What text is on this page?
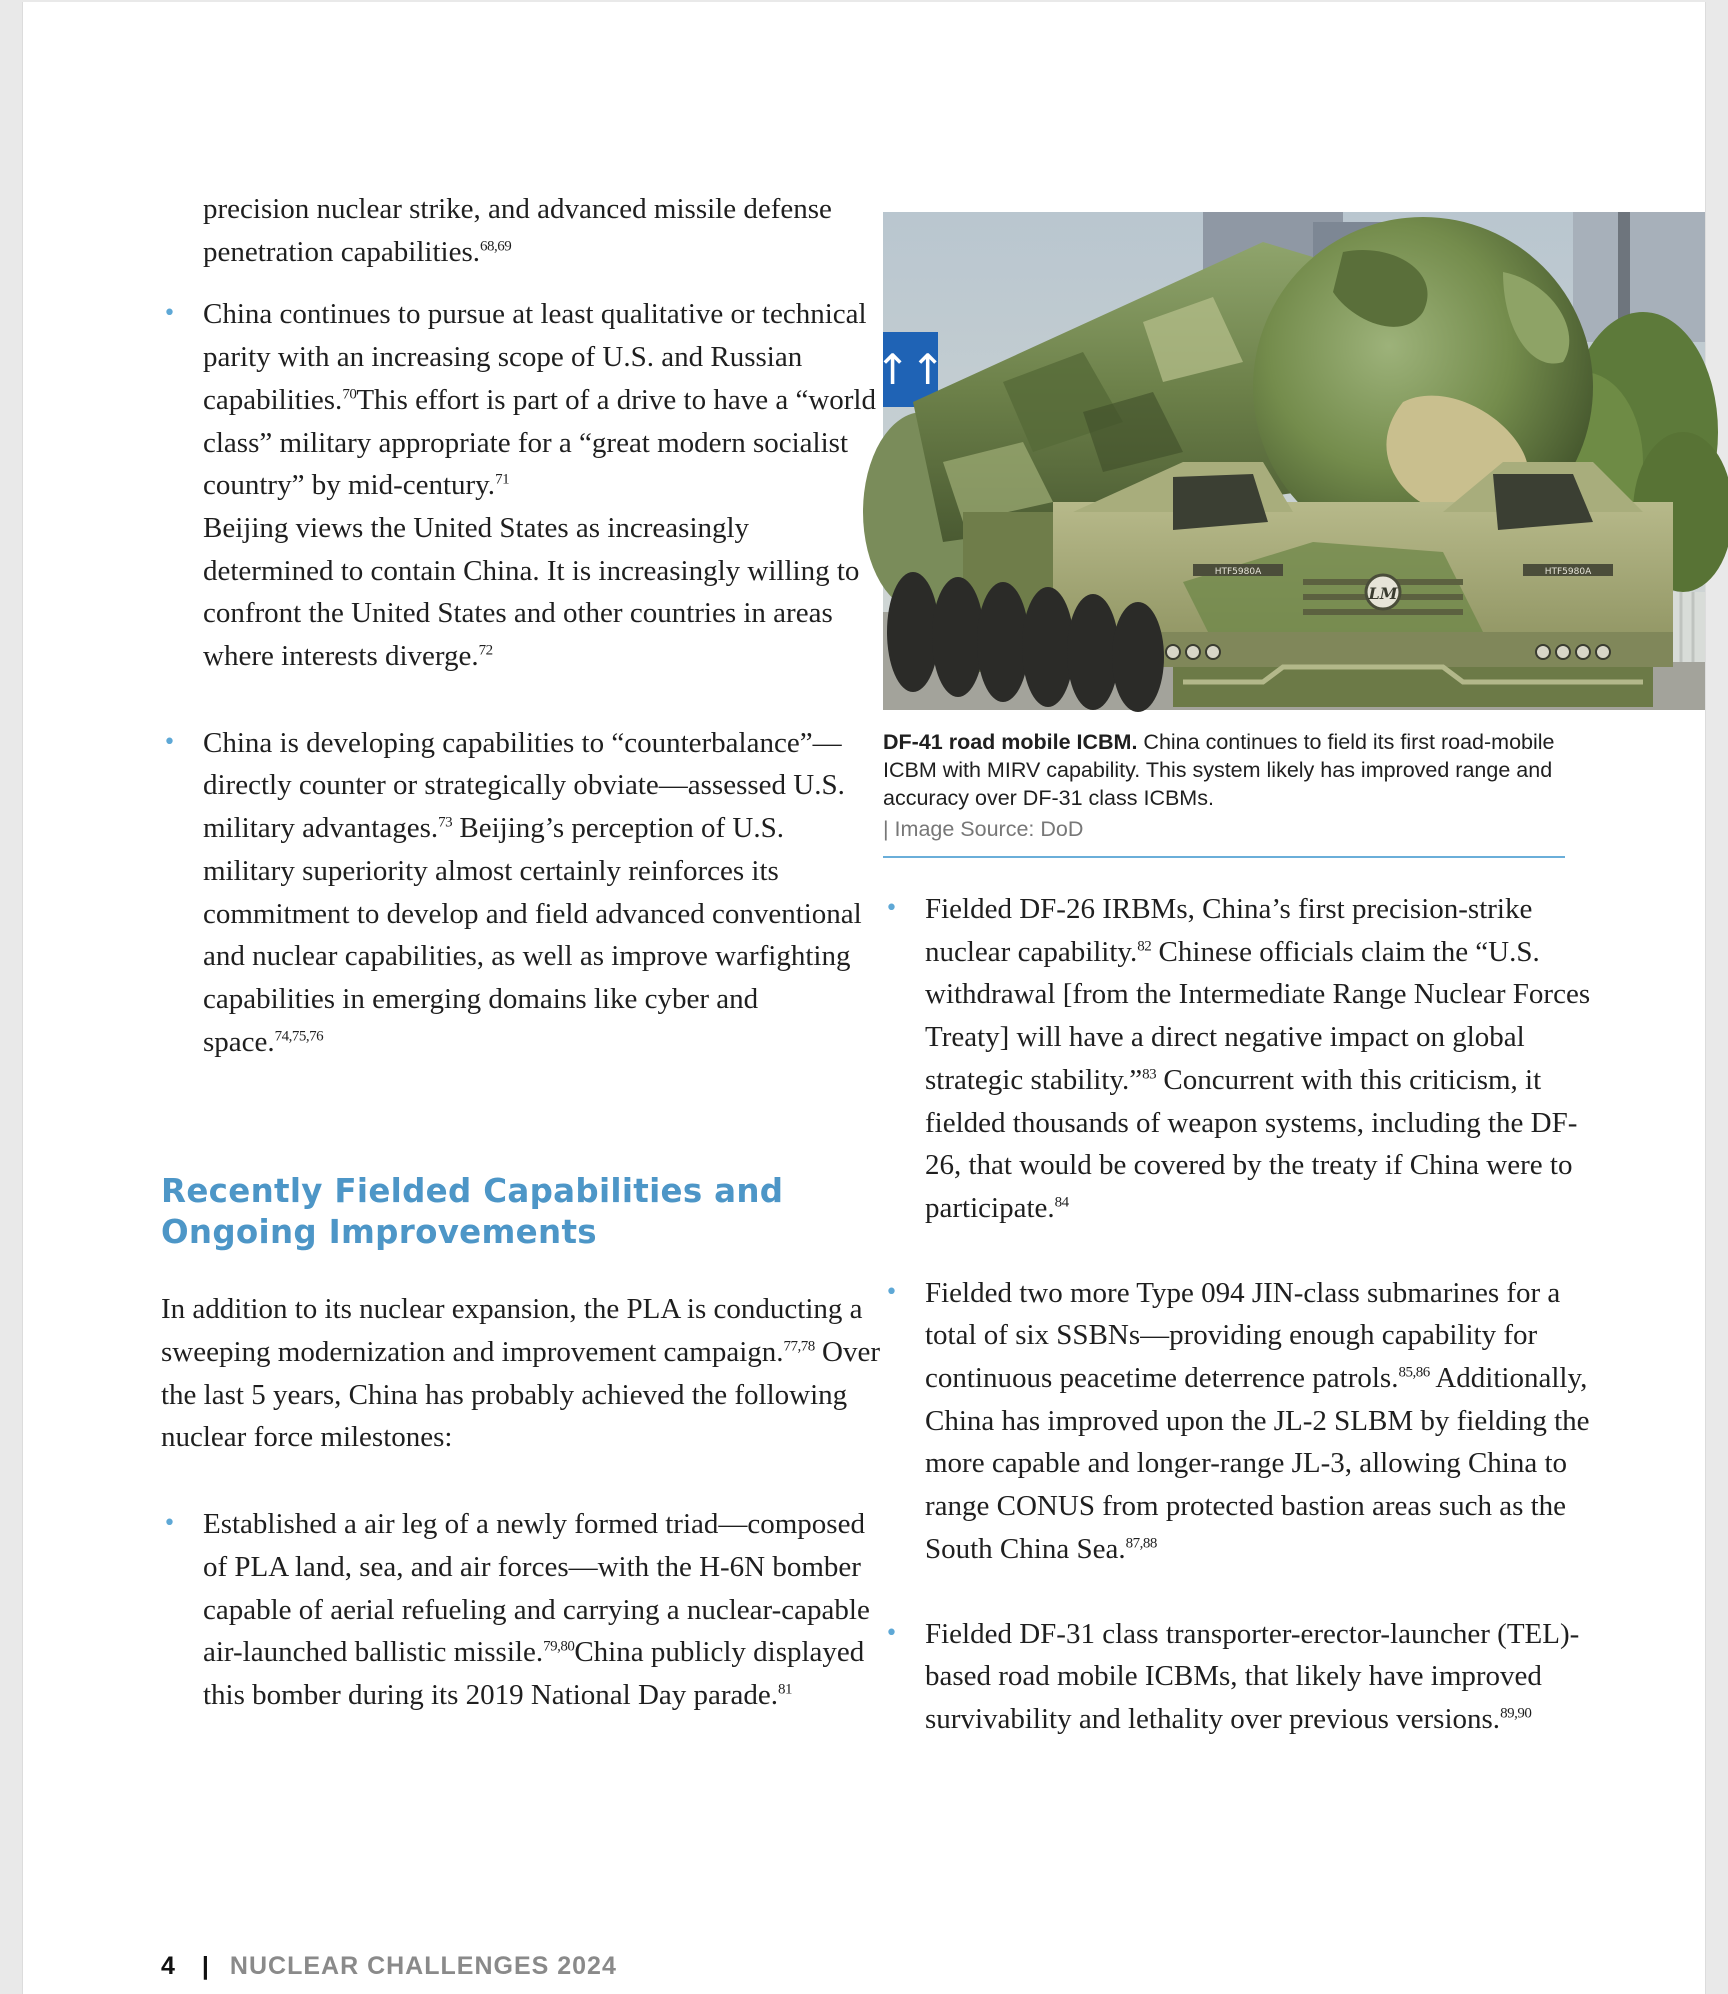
precision nuclear strike, and advanced missile defense penetration capabilities.$^{68,69}$

• China continues to pursue at least qualitative or technical parity with an increasing scope of U.S. and Russian capabilities.$^{70}$This effort is part of a drive to have a “world class” military appropriate for a “great modern socialist country” by mid-century.$^{71}$
Beijing views the United States as increasingly determined to contain China. It is increasingly willing to confront the United States and other countries in areas where interests diverge.$^{72}$

• China is developing capabilities to “counterbalance”—directly counter or strategically obviate—assessed U.S. military advantages.$^{73}$ Beijing’s perception of U.S. military superiority almost certainly reinforces its commitment to develop and field advanced conventional and nuclear capabilities, as well as improve warfighting capabilities in emerging domains like cyber and space.$^{74,75,76}$

Recently Fielded Capabilities and Ongoing Improvements

In addition to its nuclear expansion, the PLA is conducting a sweeping modernization and improvement campaign.$^{77,78}$ Over the last 5 years, China has probably achieved the following nuclear force milestones:

• Established a air leg of a newly formed triad—composed of PLA land, sea, and air forces—with the H-6N bomber capable of aerial refueling and carrying a nuclear-capable air-launched ballistic missile.$^{79,80}$China publicly displayed this bomber during its 2019 National Day parade.$^{81}$

↑↑
LM
HTF5980A	HTF5980A
DF-41 road mobile ICBM. China continues to field its first road-mobile ICBM with MIRV capability. This system likely has improved range and accuracy over DF-31 class ICBMs.
| Image Source: DoD

• Fielded DF-26 IRBMs, China’s first precision-strike nuclear capability.$^{82}$ Chinese officials claim the “U.S. withdrawal [from the Intermediate Range Nuclear Forces Treaty] will have a direct negative impact on global strategic stability.”$^{83}$ Concurrent with this criticism, it fielded thousands of weapon systems, including the DF-26, that would be covered by the treaty if China were to participate.$^{84}$

• Fielded two more Type 094 JIN-class submarines for a total of six SSBNs—providing enough capability for continuous peacetime deterrence patrols.$^{85,86}$ Additionally, China has improved upon the JL-2 SLBM by fielding the more capable and longer-range JL-3, allowing China to range CONUS from protected bastion areas such as the South China Sea.$^{87,88}$

• Fielded DF-31 class transporter-erector-launcher (TEL)-based road mobile ICBMs, that likely have improved survivability and lethality over previous versions.$^{89,90}$

4 | NUCLEAR CHALLENGES 2024
